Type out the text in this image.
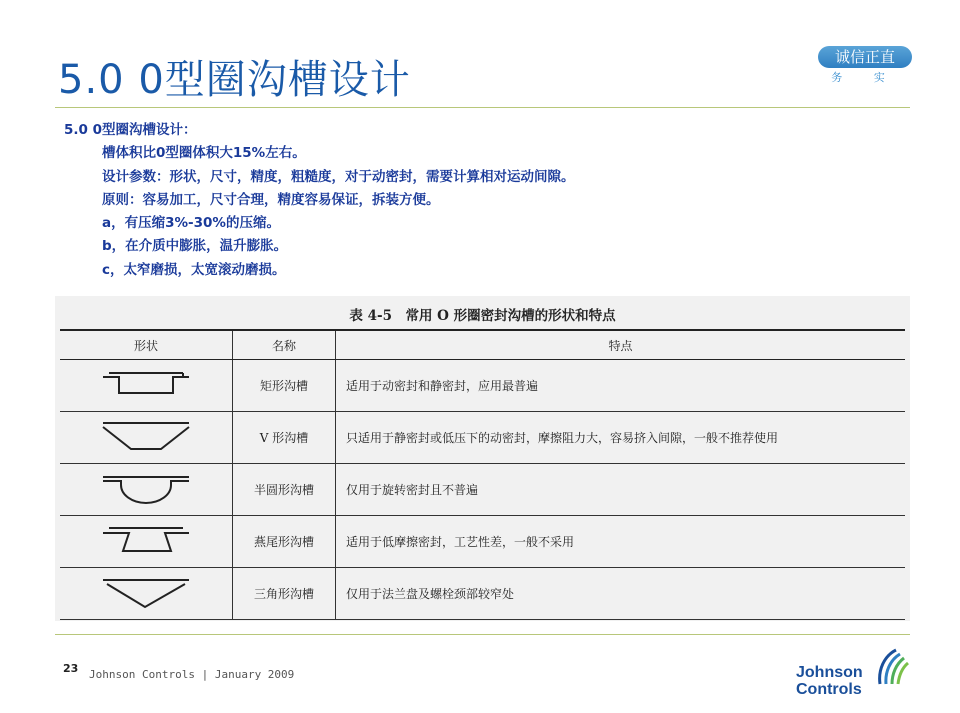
5.0 0型圈沟槽设计	诚信正直
务 实
5.0 0型圈沟槽设计：
槽体积比0型圈体积大15%左右。
设计参数：形状，尺寸，精度，粗糙度，对于动密封，需要计算相对运动间隙。
原则：容易加工，尺寸合理，精度容易保证，拆装方便。
a，有压缩3%-30%的压缩。
b，在介质中膨胀，温升膨胀。
c，太窄磨损，太宽滚动磨损。
表 4-5　常用 O 形圈密封沟槽的形状和特点
形状	名称	特点
	矩形沟槽	适用于动密封和静密封，应用最普遍
	V 形沟槽	只适用于静密封或低压下的动密封，摩擦阻力大，容易挤入间隙，一般不推荐使用
	半圆形沟槽	仅用于旋转密封且不普遍
	燕尾形沟槽	适用于低摩擦密封，工艺性差，一般不采用
	三角形沟槽	仅用于法兰盘及螺栓颈部较窄处
23 Johnson Controls | January 2009	Johnson
Controls
